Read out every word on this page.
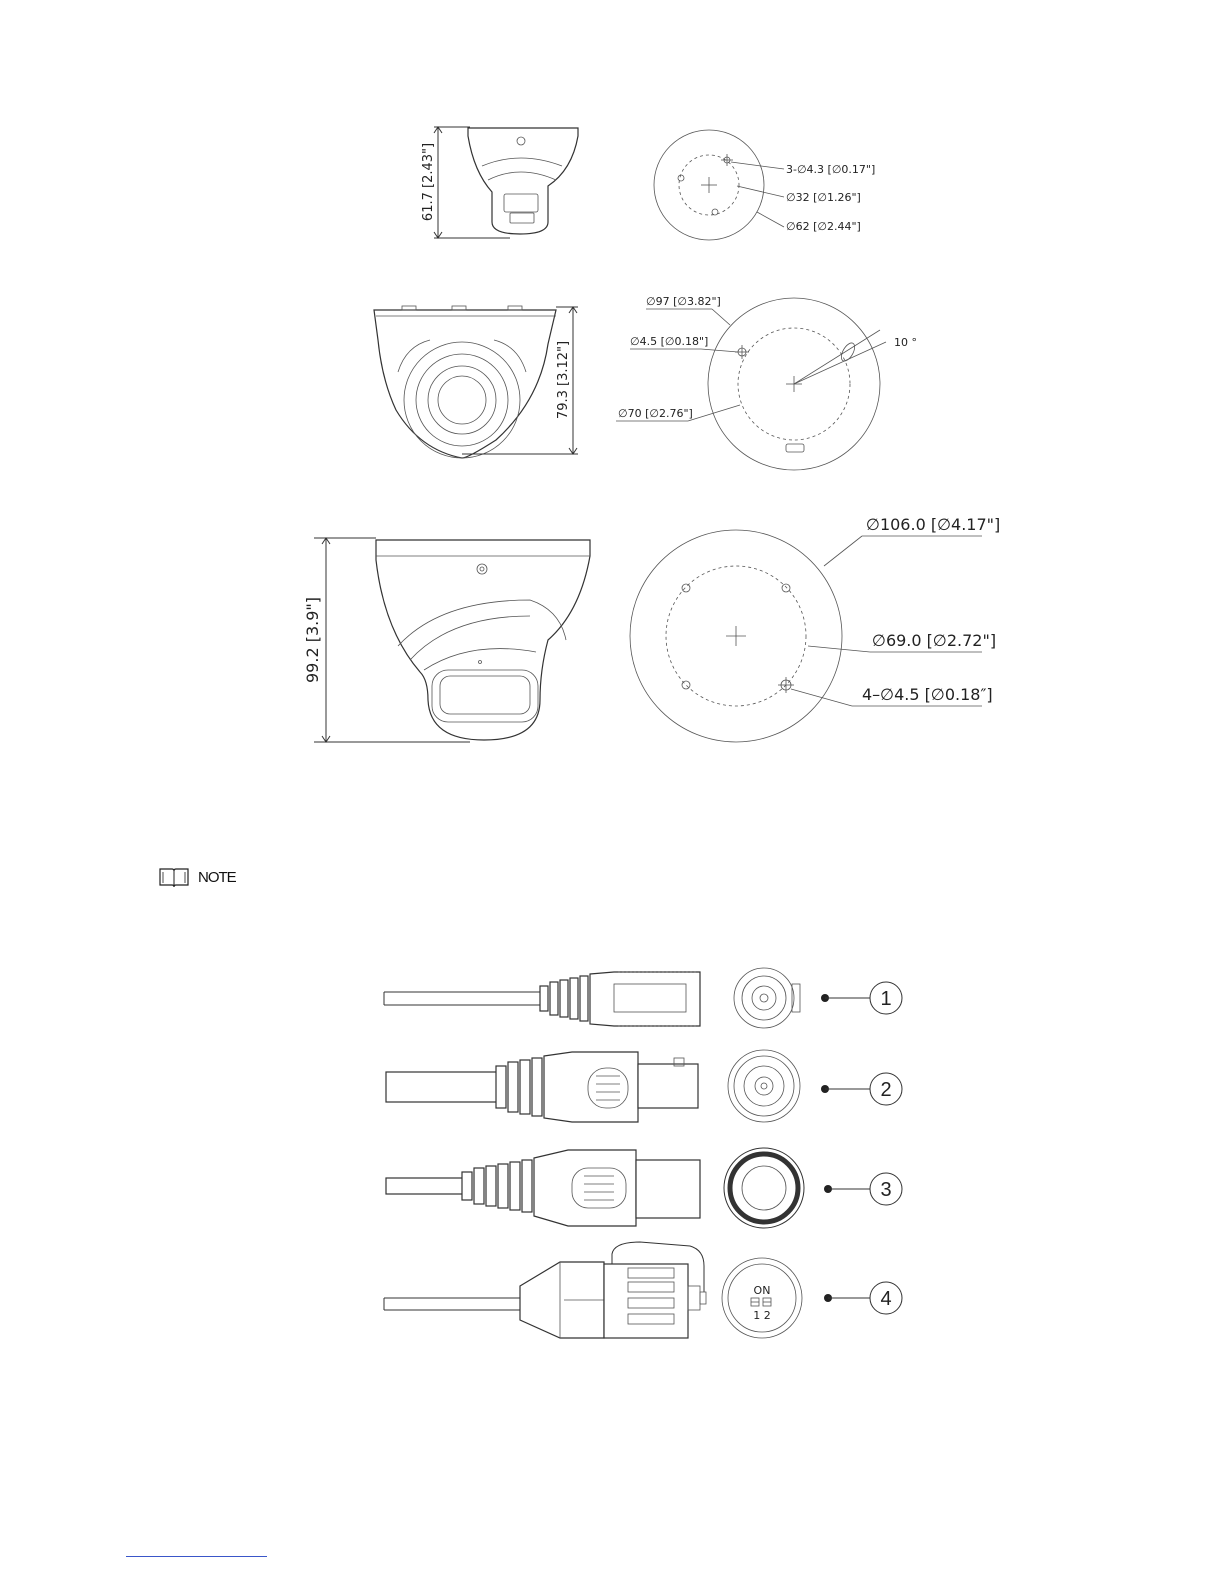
61.7 [2.43"]	3-∅4.3 [∅0.17"]
∅32 [∅1.26"]
∅62 [∅2.44"]
79.3 [3.12"]
∅97 [∅3.82"]
∅4.5 [∅0.18"]
∅70 [∅2.76"]
10 °
99.2 [3.9"]
∅106.0 [∅4.17"]
∅69.0 [∅2.72"]
4–∅4.5 [∅0.18″]
1
2
3
ON
1 2
4
NOTE
